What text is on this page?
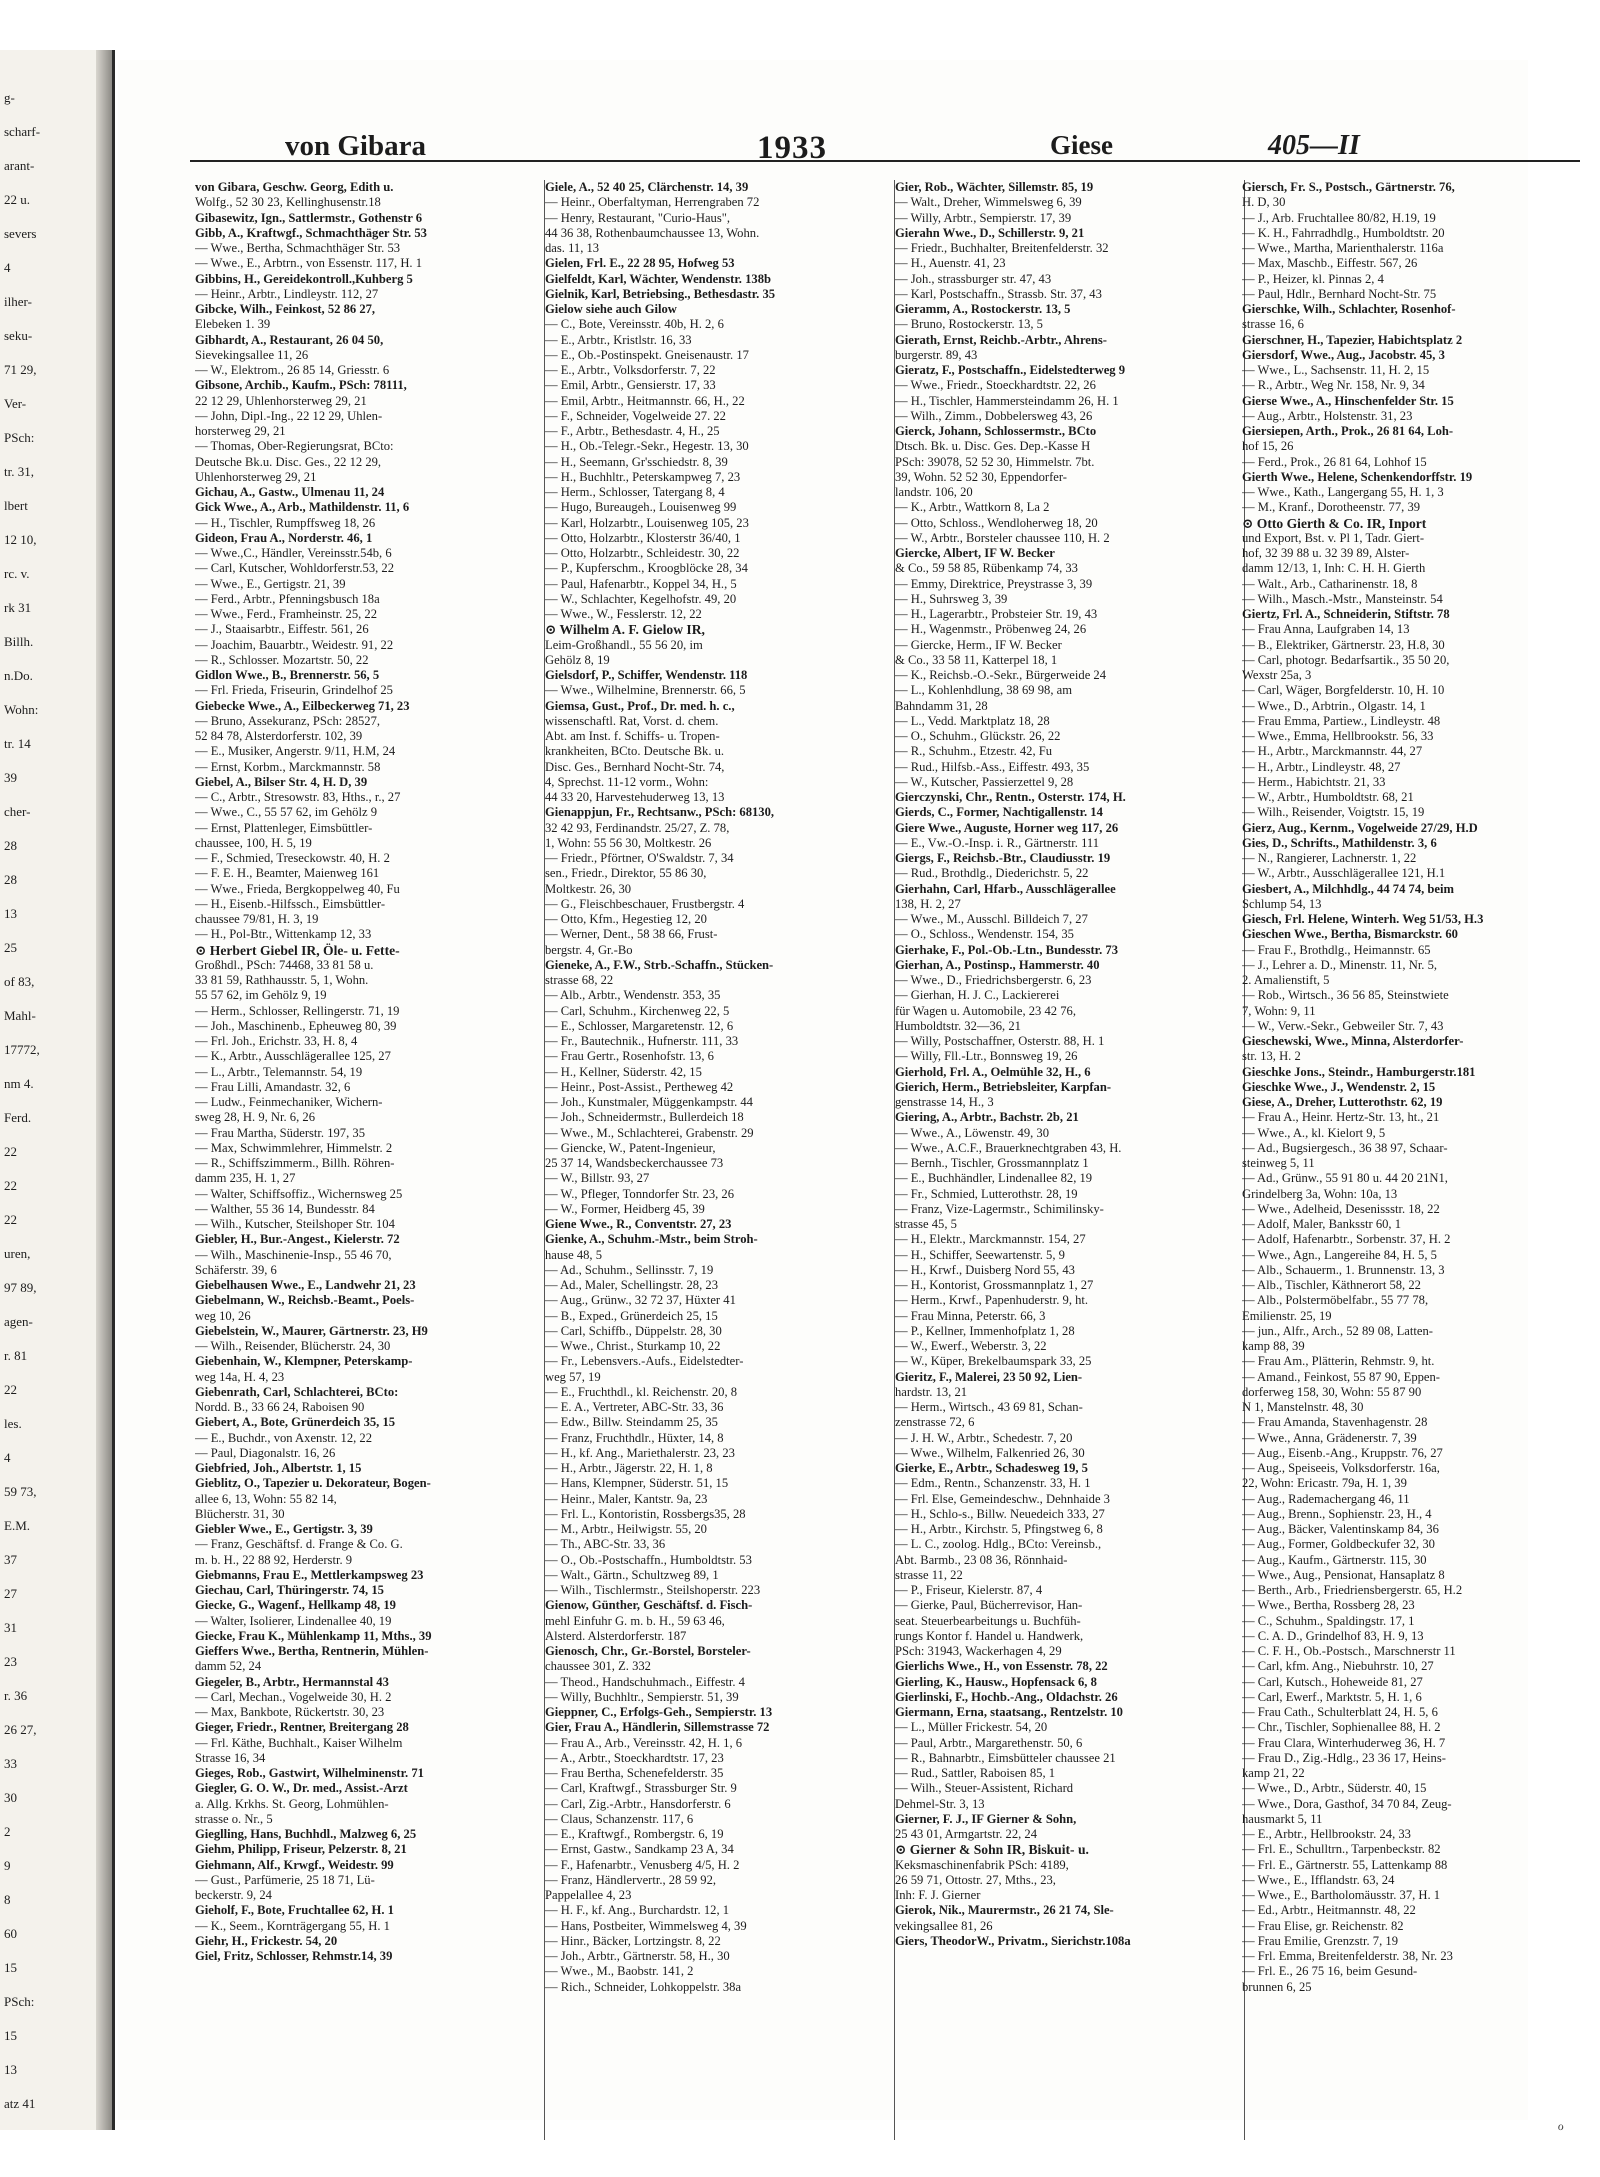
g-
scharf-
arant-
22 u.
severs
4
ilher-
seku-
71 29,
Ver-
PSch:
tr. 31,
lbert
12 10,
rc. v.
rk 31
Billh.
n.Do.
Wohn:
tr. 14
39
cher-
28
28
13
25
of 83,
Mahl-
17772,
nm 4.
Ferd.
22
22
22
uren,
97 89,
agen-
r. 81
22
les.
4
59 73,
E.M.
37
27
31
23
r. 36
26 27,
33
30
2
9
8
60
15
PSch:
15
13
atz 41
von Gibara	1933	Giese	405—II
von Gibara, Geschw. Georg, Edith u.
Wolfg., 52 30 23, Kellinghusenstr.18
Gibasewitz, Ign., Sattlermstr., Gothenstr 6
Gibb, A., Kraftwgf., Schmachthäger Str. 53
— Wwe., Bertha, Schmachthäger Str. 53
— Wwe., E., Arbtrn., von Essenstr. 117, H. 1
Gibbins, H., Gereidekontroll.,Kuhberg 5
— Heinr., Arbtr., Lindleystr. 112, 27
Gibcke, Wilh., Feinkost, 52 86 27,
Elebeken 1. 39
Gibhardt, A., Restaurant, 26 04 50,
Sievekingsallee 11, 26
— W., Elektrom., 26 85 14, Griesstr. 6
Gibsone, Archib., Kaufm., PSch: 78111,
22 12 29, Uhlenhorsterweg 29, 21
— John, Dipl.-Ing., 22 12 29, Uhlen-
horsterweg 29, 21
— Thomas, Ober-Regierungsrat, BCto:
Deutsche Bk.u. Disc. Ges., 22 12 29,
Uhlenhorsterweg 29, 21
Gichau, A., Gastw., Ulmenau 11, 24
Gick Wwe., A., Arb., Mathildenstr. 11, 6
— H., Tischler, Rumpffsweg 18, 26
Gideon, Frau A., Norderstr. 46, 1
— Wwe.,C., Händler, Vereinsstr.54b, 6
— Carl, Kutscher, Wohldorferstr.53, 22
— Wwe., E., Gertigstr. 21, 39
— Ferd., Arbtr., Pfenningsbusch 18a
— Wwe., Ferd., Framheinstr. 25, 22
— J., Staaisarbtr., Eiffestr. 561, 26
— Joachim, Bauarbtr., Weidestr. 91, 22
— R., Schlosser. Mozartstr. 50, 22
Gidlon Wwe., B., Brennerstr. 56, 5
— Frl. Frieda, Friseurin, Grindelhof 25
Giebecke Wwe., A., Eilbeckerweg 71, 23
— Bruno, Assekuranz, PSch: 28527,
52 84 78, Alsterdorferstr. 102, 39
— E., Musiker, Angerstr. 9/11, H.M, 24
— Ernst, Korbm., Marckmannstr. 58
Giebel, A., Bilser Str. 4, H. D, 39
— C., Arbtr., Stresowstr. 83, Hths., r., 27
— Wwe., C., 55 57 62, im Gehölz 9
— Ernst, Plattenleger, Eimsbüttler-
chaussee, 100, H. 5, 19
— F., Schmied, Treseckowstr. 40, H. 2
— F. E. H., Beamter, Maienweg 161
— Wwe., Frieda, Bergkoppelweg 40, Fu
— H., Eisenb.-Hilfssch., Eimsbüttler-
chaussee 79/81, H. 3, 19
— H., Pol-Btr., Wittenkamp 12, 33
⊙ Herbert Giebel IR, Öle- u. Fette-
Großhdl., PSch: 74468, 33 81 58 u.
33 81 59, Rathhausstr. 5, 1, Wohn.
55 57 62, im Gehölz 9, 19
— Herm., Schlosser, Rellingerstr. 71, 19
— Joh., Maschinenb., Epheuweg 80, 39
— Frl. Joh., Erichstr. 33, H. 8, 4
— K., Arbtr., Ausschlägerallee 125, 27
— L., Arbtr., Telemannstr. 54, 19
— Frau Lilli, Amandastr. 32, 6
— Ludw., Feinmechaniker, Wichern-
sweg 28, H. 9, Nr. 6, 26
— Frau Martha, Süderstr. 197, 35
— Max, Schwimmlehrer, Himmelstr. 2
— R., Schiffszimmerm., Billh. Röhren-
damm 235, H. 1, 27
— Walter, Schiffsoffiz., Wichernsweg 25
— Walther, 55 36 14, Bundesstr. 84
— Wilh., Kutscher, Steilshoper Str. 104
Giebler, H., Bur.-Angest., Kielerstr. 72
— Wilh., Maschinenie-Insp., 55 46 70,
Schäferstr. 39, 6
Giebelhausen Wwe., E., Landwehr 21, 23
Giebelmann, W., Reichsb.-Beamt., Poels-
weg 10, 26
Giebelstein, W., Maurer, Gärtnerstr. 23, H9
— Wilh., Reisender, Blücherstr. 24, 30
Giebenhain, W., Klempner, Peterskamp-
weg 14a, H. 4, 23
Giebenrath, Carl, Schlachterei, BCto:
Nordd. B., 33 66 24, Raboisen 90
Giebert, A., Bote, Grünerdeich 35, 15
— E., Buchdr., von Axenstr. 12, 22
— Paul, Diagonalstr. 16, 26
Giebfried, Joh., Albertstr. 1, 15
Gieblitz, O., Tapezier u. Dekorateur, Bogen-
allee 6, 13, Wohn: 55 82 14,
Blücherstr. 31, 30
Giebler Wwe., E., Gertigstr. 3, 39
— Franz, Geschäftsf. d. Frange & Co. G.
m. b. H., 22 88 92, Herderstr. 9
Giebmanns, Frau E., Mettlerkampsweg 23
Giechau, Carl, Thüringerstr. 74, 15
Giecke, G., Wagenf., Hellkamp 48, 19
— Walter, Isolierer, Lindenallee 40, 19
Giecke, Frau K., Mühlenkamp 11, Mths., 39
Gieffers Wwe., Bertha, Rentnerin, Mühlen-
damm 52, 24
Giegeler, B., Arbtr., Hermannstal 43
— Carl, Mechan., Vogelweide 30, H. 2
— Max, Bankbote, Rückertstr. 30, 23
Gieger, Friedr., Rentner, Breitergang 28
— Frl. Käthe, Buchhalt., Kaiser Wilhelm
Strasse 16, 34
Gieges, Rob., Gastwirt, Wilhelminenstr. 71
Giegler, G. O. W., Dr. med., Assist.-Arzt
a. Allg. Krkhs. St. Georg, Lohmühlen-
strasse o. Nr., 5
Gieglling, Hans, Buchhdl., Malzweg 6, 25
Giehm, Philipp, Friseur, Pelzerstr. 8, 21
Giehmann, Alf., Krwgf., Weidestr. 99
— Gust., Parfümerie, 25 18 71, Lü-
beckerstr. 9, 24
Gieholf, F., Bote, Fruchtallee 62, H. 1
— K., Seem., Kornträgergang 55, H. 1
Giehr, H., Frickestr. 54, 20
Giel, Fritz, Schlosser, Rehmstr.14, 39
Giele, A., 52 40 25, Clärchenstr. 14, 39
— Heinr., Oberfaltyman, Herrengraben 72
— Henry, Restaurant, "Curio-Haus",
44 36 38, Rothenbaumchaussee 13, Wohn.
das. 11, 13
Gielen, Frl. E., 22 28 95, Hofweg 53
Gielfeldt, Karl, Wächter, Wendenstr. 138b
Gielnik, Karl, Betriebsing., Bethesdastr. 35
Gielow siehe auch Gilow
— C., Bote, Vereinsstr. 40b, H. 2, 6
— E., Arbtr., Kristlstr. 16, 33
— E., Ob.-Postinspekt. Gneisenaustr. 17
— E., Arbtr., Volksdorferstr. 7, 22
— Emil, Arbtr., Gensierstr. 17, 33
— Emil, Arbtr., Heitmannstr. 66, H., 22
— F., Schneider, Vogelweide 27. 22
— F., Arbtr., Bethesdastr. 4, H., 25
— H., Ob.-Telegr.-Sekr., Hegestr. 13, 30
— H., Seemann, Gr'sschiedstr. 8, 39
— H., Buchhltr., Peterskampweg 7, 23
— Herm., Schlosser, Tatergang 8, 4
— Hugo, Bureaugeh., Louisenweg 99
— Karl, Holzarbtr., Louisenweg 105, 23
— Otto, Holzarbtr., Klosterstr 36/40, 1
— Otto, Holzarbtr., Schleidestr. 30, 22
— P., Kupferschm., Kroogblöcke 28, 34
— Paul, Hafenarbtr., Koppel 34, H., 5
— W., Schlachter, Kegelhofstr. 49, 20
— Wwe., W., Fesslerstr. 12, 22
⊙ Wilhelm A. F. Gielow IR,
Leim-Großhandl., 55 56 20, im
Gehölz 8, 19
Gielsdorf, P., Schiffer, Wendenstr. 118
— Wwe., Wilhelmine, Brennerstr. 66, 5
Giemsa, Gust., Prof., Dr. med. h. c.,
wissenschaftl. Rat, Vorst. d. chem.
Abt. am Inst. f. Schiffs- u. Tropen-
krankheiten, BCto. Deutsche Bk. u.
Disc. Ges., Bernhard Nocht-Str. 74,
4, Sprechst. 11-12 vorm., Wohn:
44 33 20, Harvestehuderweg 13, 13
Gienappjun, Fr., Rechtsanw., PSch: 68130,
32 42 93, Ferdinandstr. 25/27, Z. 78,
1, Wohn: 55 56 30, Moltkestr. 26
— Friedr., Pförtner, O'Swaldstr. 7, 34
sen., Friedr., Direktor, 55 86 30,
Moltkestr. 26, 30
— G., Fleischbeschauer, Frustbergstr. 4
— Otto, Kfm., Hegestieg 12, 20
— Werner, Dent., 58 38 66, Frust-
bergstr. 4, Gr.-Bo
Gieneke, A., F.W., Strb.-Schaffn., Stücken-
strasse 68, 22
— Alb., Arbtr., Wendenstr. 353, 35
— Carl, Schuhm., Kirchenweg 22, 5
— E., Schlosser, Margaretenstr. 12, 6
— Fr., Bautechnik., Hufnerstr. 111, 33
— Frau Gertr., Rosenhofstr. 13, 6
— H., Kellner, Süderstr. 42, 15
— Heinr., Post-Assist., Pertheweg 42
— Joh., Kunstmaler, Müggenkampstr. 44
— Joh., Schneidermstr., Bullerdeich 18
— Wwe., M., Schlachterei, Grabenstr. 29
— Giencke, W., Patent-Ingenieur,
25 37 14, Wandsbeckerchaussee 73
— W., Billstr. 93, 27
— W., Pfleger, Tonndorfer Str. 23, 26
— W., Former, Heidberg 45, 39
Giene Wwe., R., Conventstr. 27, 23
Gienke, A., Schuhm.-Mstr., beim Stroh-
hause 48, 5
— Ad., Schuhm., Sellinsstr. 7, 19
— Ad., Maler, Schellingstr. 28, 23
— Aug., Grünw., 32 72 37, Hüxter 41
— B., Exped., Grünerdeich 25, 15
— Carl, Schiffb., Düppelstr. 28, 30
— Wwe., Christ., Sturkamp 10, 22
— Fr., Lebensvers.-Aufs., Eidelstedter-
weg 57, 19
— E., Fruchthdl., kl. Reichenstr. 20, 8
— E. A., Vertreter, ABC-Str. 33, 36
— Edw., Billw. Steindamm 25, 35
— Franz, Fruchthdlr., Hüxter, 14, 8
— H., kf. Ang., Mariethalerstr. 23, 23
— H., Arbtr., Jägerstr. 22, H. 1, 8
— Hans, Klempner, Süderstr. 51, 15
— Heinr., Maler, Kantstr. 9a, 23
— Frl. L., Kontoristin, Rossbergs35, 28
— M., Arbtr., Heilwigstr. 55, 20
— Th., ABC-Str. 33, 36
— O., Ob.-Postschaffn., Humboldtstr. 53
— Walt., Gärtn., Schultzweg 89, 1
— Wilh., Tischlermstr., Steilshoperstr. 223
Gienow, Günther, Geschäftsf. d. Fisch-
mehl Einfuhr G. m. b. H., 59 63 46,
Alsterd. Alsterdorferstr. 187
Gienosch, Chr., Gr.-Borstel, Borsteler-
chaussee 301, Z. 332
— Theod., Handschuhmach., Eiffestr. 4
— Willy, Buchhltr., Sempierstr. 51, 39
Gieppner, C., Erfolgs-Geh., Sempierstr. 13
Gier, Frau A., Händlerin, Sillemstrasse 72
— Frau A., Arb., Vereinsstr. 42, H. 1, 6
— A., Arbtr., Stoeckhardtstr. 17, 23
— Frau Bertha, Schenefelderstr. 35
— Carl, Kraftwgf., Strassburger Str. 9
— Carl, Zig.-Arbtr., Hansdorferstr. 6
— Claus, Schanzenstr. 117, 6
— E., Kraftwgf., Rombergstr. 6, 19
— Ernst, Gastw., Sandkamp 23 A, 34
— F., Hafenarbtr., Venusberg 4/5, H. 2
— Franz, Händlervertr., 28 59 92,
Pappelallee 4, 23
— H. F., kf. Ang., Burchardstr. 12, 1
— Hans, Postbeiter, Wimmelsweg 4, 39
— Hinr., Bäcker, Lortzingstr. 8, 22
— Joh., Arbtr., Gärtnerstr. 58, H., 30
— Wwe., M., Baobstr. 141, 2
— Rich., Schneider, Lohkoppelstr. 38a
Gier, Rob., Wächter, Sillemstr. 85, 19
— Walt., Dreher, Wimmelsweg 6, 39
— Willy, Arbtr., Sempierstr. 17, 39
Gierahn Wwe., D., Schillerstr. 9, 21
— Friedr., Buchhalter, Breitenfelderstr. 32
— H., Auenstr. 41, 23
— Joh., strassburger str. 47, 43
— Karl, Postschaffn., Strassb. Str. 37, 43
Gieramm, A., Rostockerstr. 13, 5
— Bruno, Rostockerstr. 13, 5
Gierath, Ernst, Reichb.-Arbtr., Ahrens-
burgerstr. 89, 43
Gieratz, F., Postschaffn., Eidelstedterweg 9
— Wwe., Friedr., Stoeckhardtstr. 22, 26
— H., Tischler, Hammersteindamm 26, H. 1
— Wilh., Zimm., Dobbelersweg 43, 26
Gierck, Johann, Schlossermstr., BCto
Dtsch. Bk. u. Disc. Ges. Dep.-Kasse H
PSch: 39078, 52 52 30, Himmelstr. 7bt.
39, Wohn. 52 52 30, Eppendorfer-
landstr. 106, 20
— K., Arbtr., Wattkorn 8, La 2
— Otto, Schloss., Wendloherweg 18, 20
— W., Arbtr., Borsteler chaussee 110, H. 2
Giercke, Albert, IF W. Becker
& Co., 59 58 85, Rübenkamp 74, 33
— Emmy, Direktrice, Preystrasse 3, 39
— H., Suhrsweg 3, 39
— H., Lagerarbtr., Probsteier Str. 19, 43
— H., Wagenmstr., Pröbenweg 24, 26
— Giercke, Herm., IF W. Becker
& Co., 33 58 11, Katterpel 18, 1
— K., Reichsb.-O.-Sekr., Bürgerweide 24
— L., Kohlenhdlung, 38 69 98, am
Bahndamm 31, 28
— L., Vedd. Marktplatz 18, 28
— O., Schuhm., Glückstr. 26, 22
— R., Schuhm., Etzestr. 42, Fu
— Rud., Hilfsb.-Ass., Eiffestr. 493, 35
— W., Kutscher, Passierzettel 9, 28
Gierczynski, Chr., Rentn., Osterstr. 174, H.
Gierds, C., Former, Nachtigallenstr. 14
Giere Wwe., Auguste, Horner weg 117, 26
— E., Vw.-O.-Insp. i. R., Gärtnerstr. 111
Giergs, F., Reichsb.-Btr., Claudiusstr. 19
— Rud., Brothdlg., Diederichstr. 5, 22
Gierhahn, Carl, Hfarb., Ausschlägerallee
138, H. 2, 27
— Wwe., M., Ausschl. Billdeich 7, 27
— O., Schloss., Wendenstr. 154, 35
Gierhake, F., Pol.-Ob.-Ltn., Bundesstr. 73
Gierhan, A., Postinsp., Hammerstr. 40
— Wwe., D., Friedrichsbergerstr. 6, 23
— Gierhan, H. J. C., Lackiererei
für Wagen u. Automobile, 23 42 76,
Humboldtstr. 32—36, 21
— Willy, Postschaffner, Osterstr. 88, H. 1
— Willy, Fll.-Ltr., Bonnsweg 19, 26
Gierhold, Frl. A., Oelmühle 32, H., 6
Gierich, Herm., Betriebsleiter, Karpfan-
genstrasse 14, H., 3
Giering, A., Arbtr., Bachstr. 2b, 21
— Wwe., A., Löwenstr. 49, 30
— Wwe., A.C.F., Brauerknechtgraben 43, H.
— Bernh., Tischler, Grossmannplatz 1
— E., Buchhändler, Lindenallee 82, 19
— Fr., Schmied, Lutterothstr. 28, 19
— Franz, Vize-Lagermstr., Schimilinsky-
strasse 45, 5
— H., Elektr., Marckmannstr. 154, 27
— H., Schiffer, Seewartenstr. 5, 9
— H., Krwf., Duisberg Nord 55, 43
— H., Kontorist, Grossmannplatz 1, 27
— Herm., Krwf., Papenhuderstr. 9, ht.
— Frau Minna, Peterstr. 66, 3
— P., Kellner, Immenhofplatz 1, 28
— W., Ewerf., Weberstr. 3, 22
— W., Küper, Brekelbaumspark 33, 25
Gieritz, F., Malerei, 23 50 92, Lien-
hardstr. 13, 21
— Herm., Wirtsch., 43 69 81, Schan-
zenstrasse 72, 6
— J. H. W., Arbtr., Schedestr. 7, 20
— Wwe., Wilhelm, Falkenried 26, 30
Gierke, E., Arbtr., Schadesweg 19, 5
— Edm., Rentn., Schanzenstr. 33, H. 1
— Frl. Else, Gemeindeschw., Dehnhaide 3
— H., Schlo-s., Billw. Neuedeich 333, 27
— H., Arbtr., Kirchstr. 5, Pfingstweg 6, 8
— L. C., zoolog. Hdlg., BCto: Vereinsb.,
Abt. Barmb., 23 08 36, Rönnhaid-
strasse 11, 22
— P., Friseur, Kielerstr. 87, 4
— Gierke, Paul, Bücherrevisor, Han-
seat. Steuerbearbeitungs u. Buchfüh-
rungs Kontor f. Handel u. Handwerk,
PSch: 31943, Wackerhagen 4, 29
Gierlichs Wwe., H., von Essenstr. 78, 22
Gierling, K., Hausw., Hopfensack 6, 8
Gierlinski, F., Hochb.-Ang., Oldachstr. 26
Giermann, Erna, staatsang., Rentzelstr. 10
— L., Müller Frickestr. 54, 20
— Paul, Arbtr., Margarethenstr. 50, 6
— R., Bahnarbtr., Eimsbütteler chaussee 21
— Rud., Sattler, Raboisen 85, 1
— Wilh., Steuer-Assistent, Richard
Dehmel-Str. 3, 13
Gierner, F. J., IF Gierner & Sohn,
25 43 01, Armgartstr. 22, 24
⊙ Gierner & Sohn IR, Biskuit- u.
Keksmaschinenfabrik PSch: 4189,
26 59 71, Ottostr. 27, Mths., 23,
Inh: F. J. Gierner
Gierok, Nik., Maurermstr., 26 21 74, Sle-
vekingsallee 81, 26
Giers, TheodorW., Privatm., Sierichstr.108a
Giersch, Fr. S., Postsch., Gärtnerstr. 76,
H. D, 30
— J., Arb. Fruchtallee 80/82, H.19, 19
— K. H., Fahrradhdlg., Humboldtstr. 20
— Wwe., Martha, Marienthalerstr. 116a
— Max, Maschb., Eiffestr. 567, 26
— P., Heizer, kl. Pinnas 2, 4
— Paul, Hdlr., Bernhard Nocht-Str. 75
Gierschke, Wilh., Schlachter, Rosenhof-
strasse 16, 6
Gierschner, H., Tapezier, Habichtsplatz 2
Giersdorf, Wwe., Aug., Jacobstr. 45, 3
— Wwe., L., Sachsenstr. 11, H. 2, 15
— R., Arbtr., Weg Nr. 158, Nr. 9, 34
Gierse Wwe., A., Hinschenfelder Str. 15
— Aug., Arbtr., Holstenstr. 31, 23
Giersiepen, Arth., Prok., 26 81 64, Loh-
hof 15, 26
— Ferd., Prok., 26 81 64, Lohhof 15
Gierth Wwe., Helene, Schenkendorffstr. 19
— Wwe., Kath., Langergang 55, H. 1, 3
— M., Kranf., Dorotheenstr. 77, 39
⊙ Otto Gierth & Co. IR, Inport
und Export, Bst. v. Pl 1, Tadr. Giert-
hof, 32 39 88 u. 32 39 89, Alster-
damm 12/13, 1, Inh: C. H. H. Gierth
— Walt., Arb., Catharinenstr. 18, 8
— Wilh., Masch.-Mstr., Mansteinstr. 54
Giertz, Frl. A., Schneiderin, Stiftstr. 78
— Frau Anna, Laufgraben 14, 13
— B., Elektriker, Gärtnerstr. 23, H.8, 30
— Carl, photogr. Bedarfsartik., 35 50 20,
Wexstr 25a, 3
— Carl, Wäger, Borgfelderstr. 10, H. 10
— Wwe., D., Arbtrin., Olgastr. 14, 1
— Frau Emma, Partiew., Lindleystr. 48
— Wwe., Emma, Hellbrookstr. 56, 33
— H., Arbtr., Marckmannstr. 44, 27
— H., Arbtr., Lindleystr. 48, 27
— Herm., Habichtstr. 21, 33
— W., Arbtr., Humboldtstr. 68, 21
— Wilh., Reisender, Voigtstr. 15, 19
Gierz, Aug., Kernm., Vogelweide 27/29, H.D
Gies, D., Schrifts., Mathildenstr. 3, 6
— N., Rangierer, Lachnerstr. 1, 22
— W., Arbtr., Ausschlägerallee 121, H.1
Giesbert, A., Milchhdlg., 44 74 74, beim
Schlump 54, 13
Giesch, Frl. Helene, Winterh. Weg 51/53, H.3
Gieschen Wwe., Bertha, Bismarckstr. 60
— Frau F., Brothdlg., Heimannstr. 65
— J., Lehrer a. D., Minenstr. 11, Nr. 5,
2. Amalienstift, 5
— Rob., Wirtsch., 36 56 85, Steinstwiete
7, Wohn: 9, 11
— W., Verw.-Sekr., Gebweiler Str. 7, 43
Gieschewski, Wwe., Minna, Alsterdorfer-
str. 13, H. 2
Gieschke Jons., Steindr., Hamburgerstr.181
Gieschke Wwe., J., Wendenstr. 2, 15
Giese, A., Dreher, Lutterothstr. 62, 19
— Frau A., Heinr. Hertz-Str. 13, ht., 21
— Wwe., A., kl. Kielort 9, 5
— Ad., Bugsiergesch., 36 38 97, Schaar-
steinweg 5, 11
— Ad., Grünw., 55 91 80 u. 44 20 21N1,
Grindelberg 3a, Wohn: 10a, 13
— Wwe., Adelheid, Desenissstr. 18, 22
— Adolf, Maler, Banksstr 60, 1
— Adolf, Hafenarbtr., Sorbenstr. 37, H. 2
— Wwe., Agn., Langereihe 84, H. 5, 5
— Alb., Schauerm., 1. Brunnenstr. 13, 3
— Alb., Tischler, Käthnerort 58, 22
— Alb., Polstermöbelfabr., 55 77 78,
Emilienstr. 25, 19
— jun., Alfr., Arch., 52 89 08, Latten-
kamp 88, 39
— Frau Am., Plätterin, Rehmstr. 9, ht.
— Amand., Feinkost, 55 87 90, Eppen-
dorferweg 158, 30, Wohn: 55 87 90
N 1, Manstelnstr. 48, 30
— Frau Amanda, Stavenhagenstr. 28
— Wwe., Anna, Grädenerstr. 7, 39
— Aug., Eisenb.-Ang., Kruppstr. 76, 27
— Aug., Speiseeis, Volksdorferstr. 16a,
22, Wohn: Ericastr. 79a, H. 1, 39
— Aug., Rademachergang 46, 11
— Aug., Brenn., Sophienstr. 23, H., 4
— Aug., Bäcker, Valentinskamp 84, 36
— Aug., Former, Goldbeckufer 32, 30
— Aug., Kaufm., Gärtnerstr. 115, 30
— Wwe., Aug., Pensionat, Hansaplatz 8
— Berth., Arb., Friedriensbergerstr. 65, H.2
— Wwe., Bertha, Rossberg 28, 23
— C., Schuhm., Spaldingstr. 17, 1
— C. A. D., Grindelhof 83, H. 9, 13
— C. F. H., Ob.-Postsch., Marschnerstr 11
— Carl, kfm. Ang., Niebuhrstr. 10, 27
— Carl, Kutsch., Hoheweide 81, 27
— Carl, Ewerf., Marktstr. 5, H. 1, 6
— Frau Cath., Schulterblatt 24, H. 5, 6
— Chr., Tischler, Sophienallee 88, H. 2
— Frau Clara, Winterhuderweg 36, H. 7
— Frau D., Zig.-Hdlg., 23 36 17, Heins-
kamp 21, 22
— Wwe., D., Arbtr., Süderstr. 40, 15
— Wwe., Dora, Gasthof, 34 70 84, Zeug-
hausmarkt 5, 11
— E., Arbtr., Hellbrookstr. 24, 33
— Frl. E., Schulltrn., Tarpenbeckstr. 82
— Frl. E., Gärtnerstr. 55, Lattenkamp 88
— Wwe., E., Ifflandstr. 63, 24
— Wwe., E., Bartholomäusstr. 37, H. 1
— Ed., Arbtr., Heitmannstr. 48, 22
— Frau Elise, gr. Reichenstr. 82
— Frau Emilie, Grenzstr. 7, 19
— Frl. Emma, Breitenfelderstr. 38, Nr. 23
— Frl. E., 26 75 16, beim Gesund-
brunnen 6, 25
ℴ
